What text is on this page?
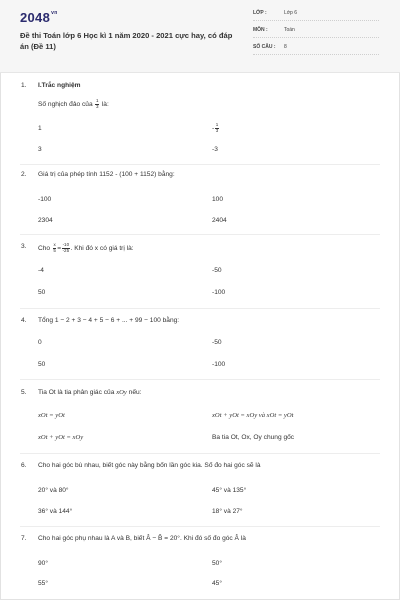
$2048^{vn}$
Đề thi Toán lớp 6 Học kì 1 năm 2020 - 2021 cực hay, có đáp án (Đề 11)
LỚP :	Lớp 6
MÔN :	Toán
SỐ CÂU : 8
1. I.Trắc nghiệm
Số nghịch đảo của $\frac{1}{3}$ là:
1	- $\frac{1}{3}$
3	-3
2. Giá trị của phép tính 1152 - (100 + 1152) bằng:
-100	100
2304	2404
3. Cho $\frac{x}{5} = \frac{-10}{-25}$ . Khi đó x có giá trị là:
-4	-50
50	-100
4. Tổng 1 − 2 + 3 − 4 + 5 − 6 + ... + 99 − 100 bằng:
0	-50
50	-100
5. Tia Ot là tia phân giác của xOy nếu:
xOt = yOt	xOt + yOt = xOy và xOt = yOt
xOt + yOt = xOy	Ba tia Ot, Ox, Oy chung gốc
6. Cho hai góc bù nhau, biết góc này bằng bốn lần góc kia. Số đo hai góc sẽ là
20° và 80°	45° và 135°
36° và 144°	18° và 27°
7. Cho hai góc phụ nhau là A và B, biết Â − B̂ = 20°. Khi đó số đo góc Â là
90°	50°
55°	45°
